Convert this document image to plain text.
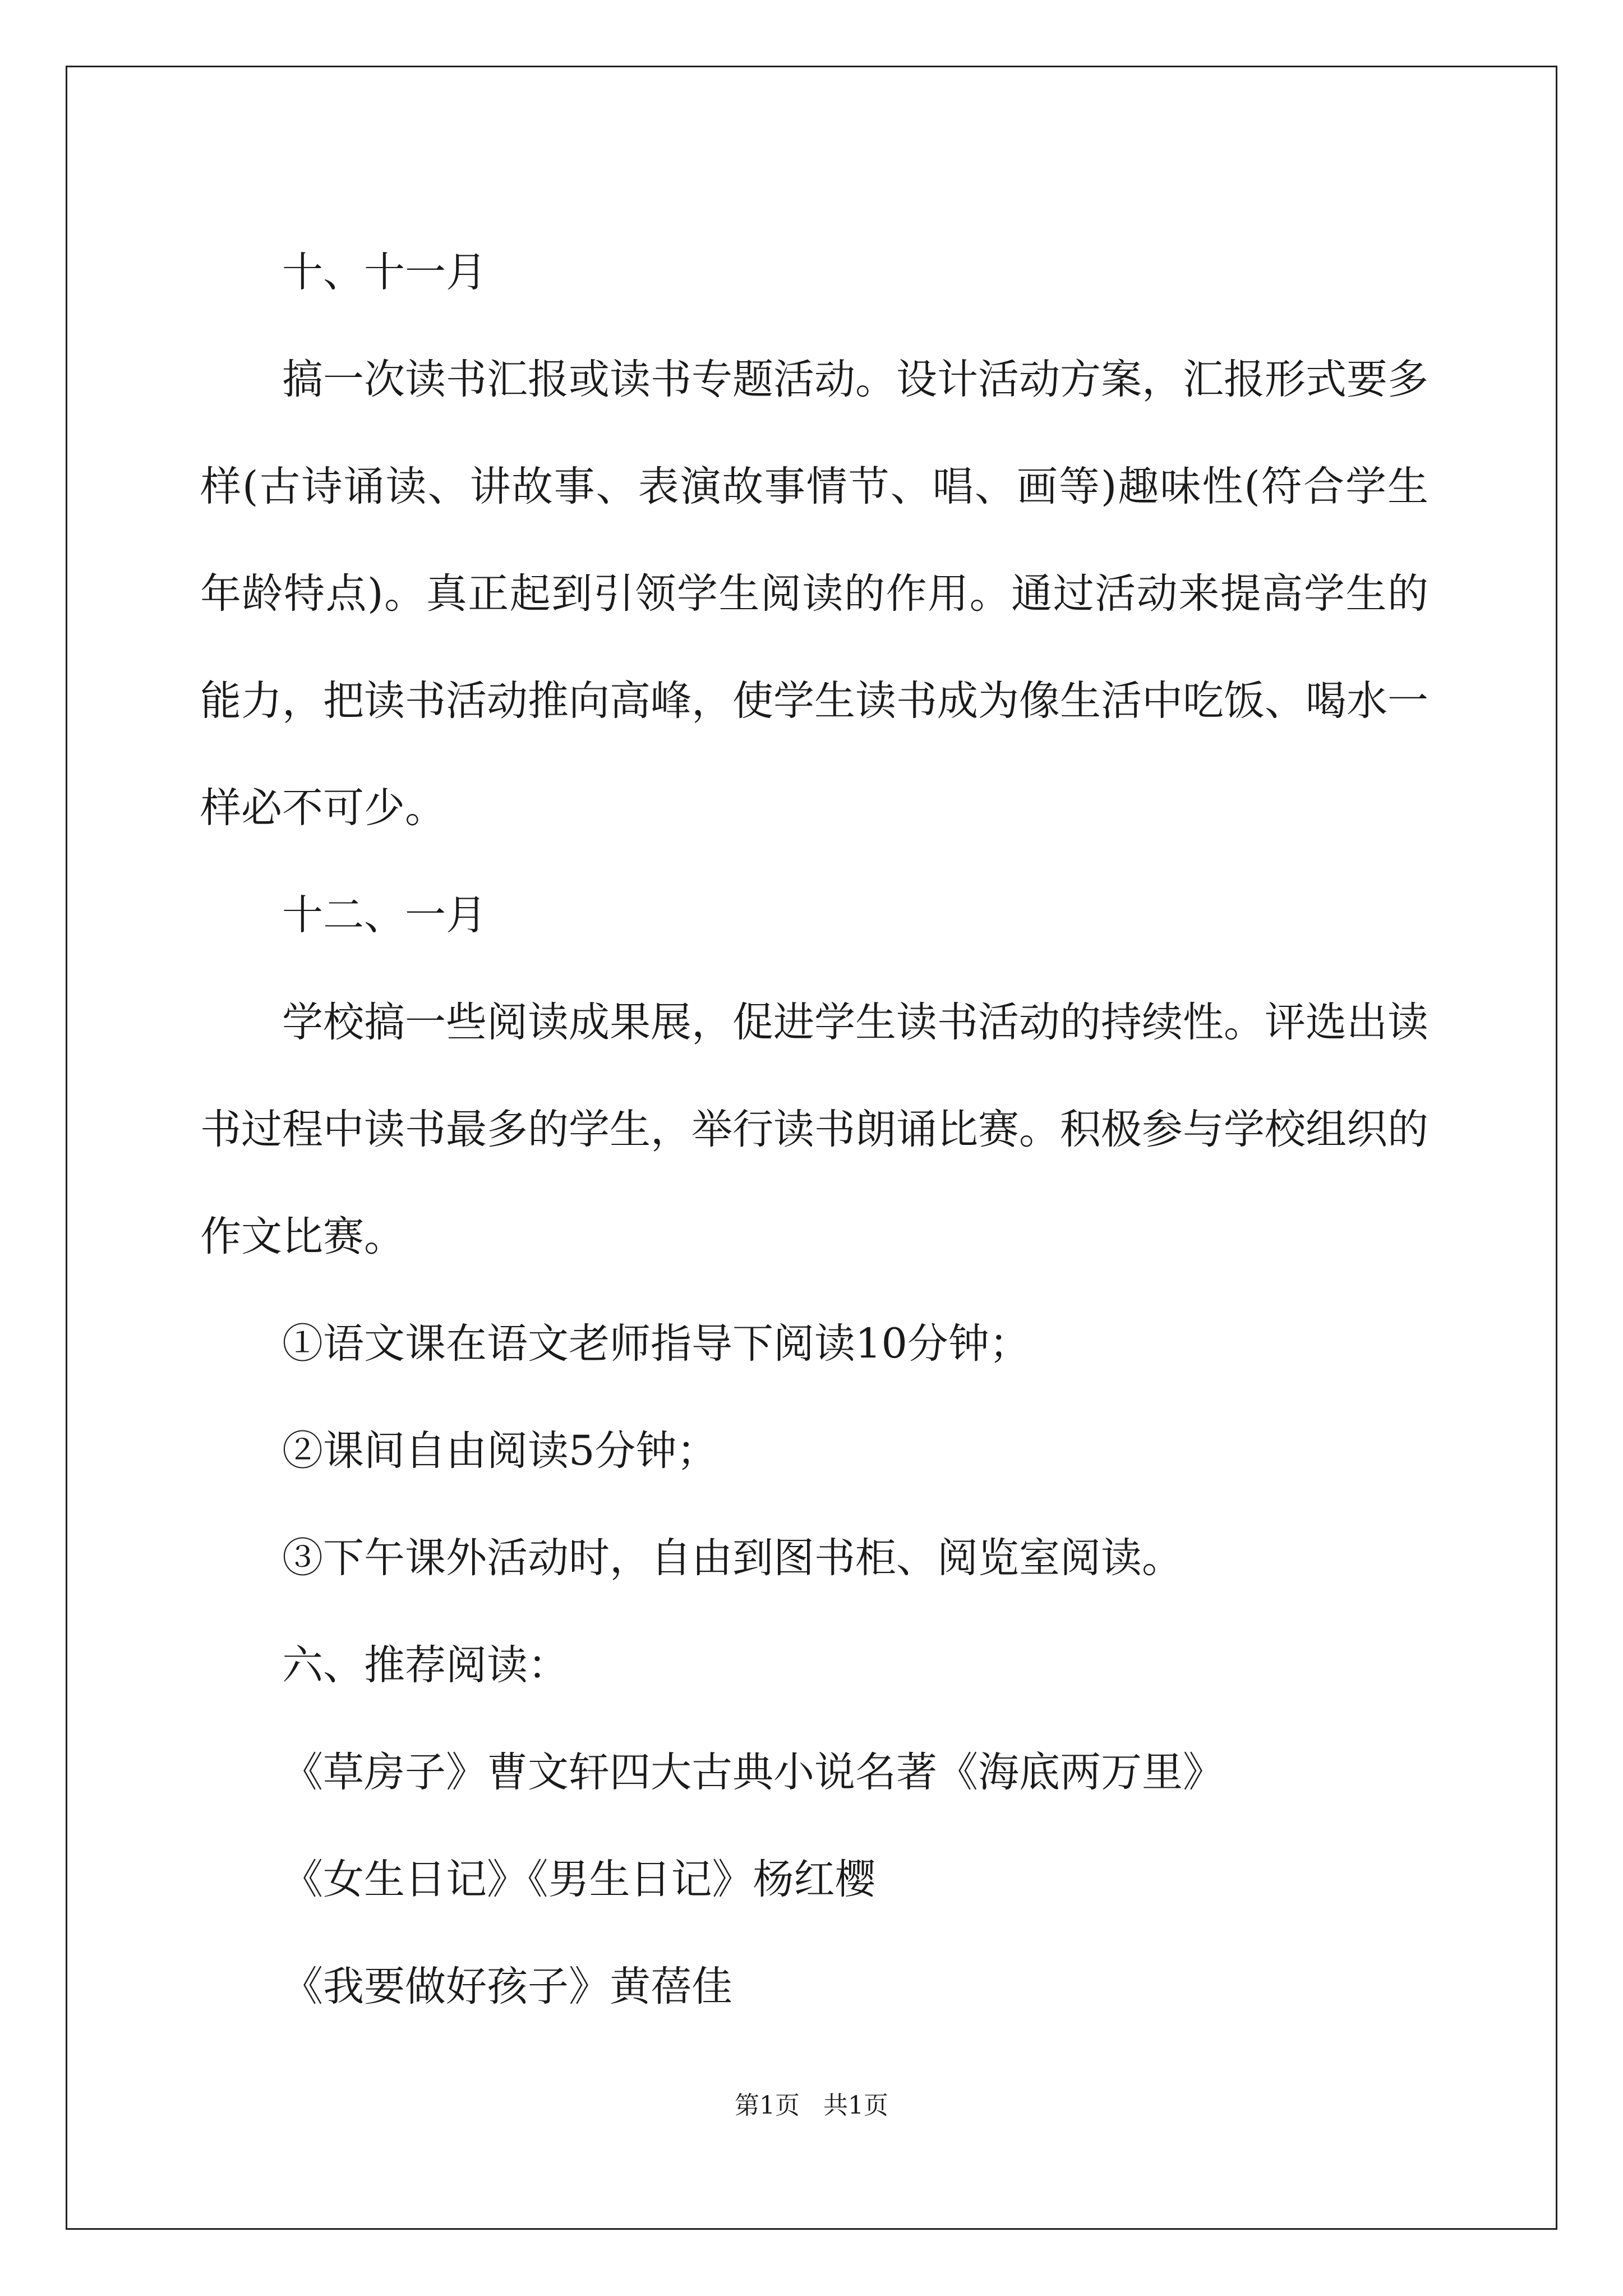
十、十一月

搞一次读书汇报或读书专题活动。设计活动方案，汇报形式要多样(古诗诵读、讲故事、表演故事情节、唱、画等)趣味性(符合学生年龄特点)。真正起到引领学生阅读的作用。通过活动来提高学生的能力，把读书活动推向高峰，使学生读书成为像生活中吃饭、喝水一样必不可少。

十二、一月

学校搞一些阅读成果展，促进学生读书活动的持续性。评选出读书过程中读书最多的学生，举行读书朗诵比赛。积极参与学校组织的作文比赛。

①语文课在语文老师指导下阅读10分钟；

②课间自由阅读5分钟；

③下午课外活动时，自由到图书柜、阅览室阅读。

六、推荐阅读：

《草房子》曹文轩四大古典小说名著《海底两万里》

《女生日记》《男生日记》杨红樱

《我要做好孩子》黄蓓佳

第1页   共1页
